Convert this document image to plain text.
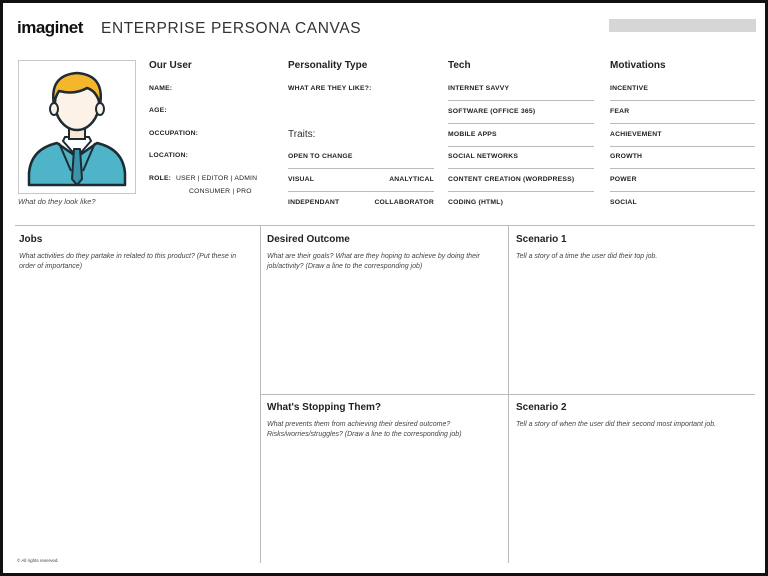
imaginet ENTERPRISE PERSONA CANVAS
What do they look like?
Our User
NAME:
AGE:
OCCUPATION:
LOCATION:
ROLE: USER | EDITOR | ADMIN
CONSUMER | PRO
Personality Type
WHAT ARE THEY LIKE?:
Traits:
OPEN TO CHANGE
VISUAL	ANALYTICAL
INDEPENDANT	COLLABORATOR
Tech
INTERNET SAVVY
SOFTWARE (OFFICE 365)
MOBILE APPS
SOCIAL NETWORKS
CONTENT CREATION (WORDPRESS)
CODING (HTML)
Motivations
INCENTIVE
FEAR
ACHIEVEMENT
GROWTH
POWER
SOCIAL
Jobs
What activities do they partake in related to this product? (Put these in order of importance)
Desired Outcome
What are their goals? What are they hoping to achieve by doing their job/activity? (Draw a line to the corresponding job)
Scenario 1
Tell a story of a time the user did their top job.
What's Stopping Them?
What prevents them from achieving their desired outcome? Risks/worries/struggles? (Draw a line to the corresponding job)
Scenario 2
Tell a story of when the user did their second most important job.
© All rights reserved.
